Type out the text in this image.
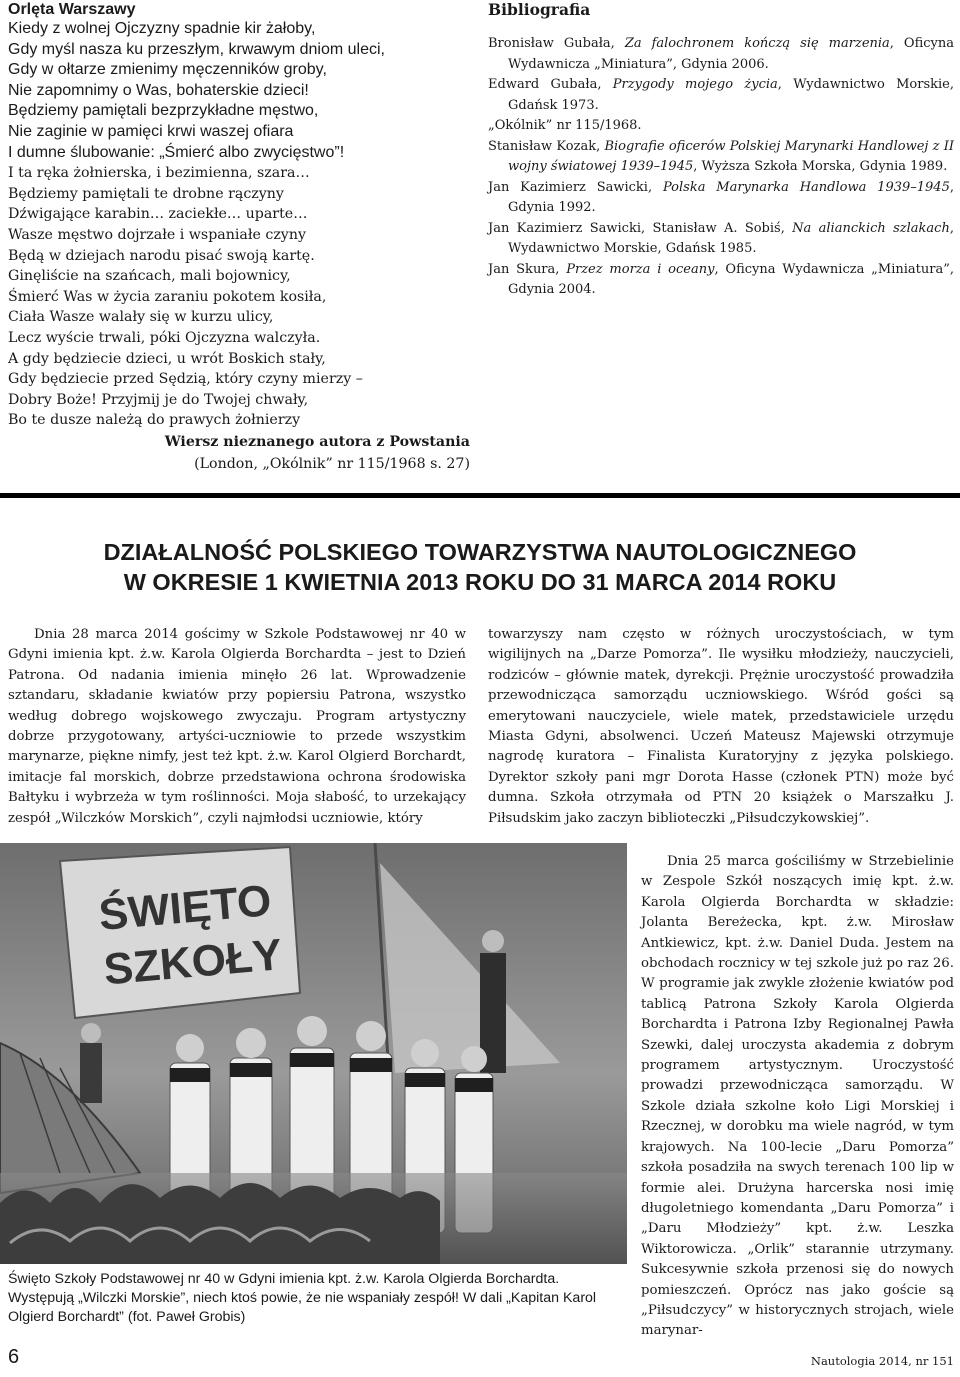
Orlęta Warszawy
Kiedy z wolnej Ojczyzny spadnie kir żałoby,
Gdy myśl nasza ku przeszłym, krwawym dniom uleci,
Gdy w ołtarze zmienimy męczenników groby,
Nie zapomnimy o Was, bohaterskie dzieci!
Będziemy pamiętali bezprzykładne męstwo,
Nie zaginie w pamięci krwi waszej ofiara
I dumne ślubowanie: „Śmierć albo zwycięstwo”!
I ta ręka żołnierska, i bezimienna, szara…
Będziemy pamiętali te drobne rączyny
Dźwigające karabin… zaciekłe… uparte…
Wasze męstwo dojrzałe i wspaniałe czyny
Będą w dziejach narodu pisać swoją kartę.
Ginęliście na szańcach, mali bojownicy,
Śmierć Was w życia zaraniu pokotem kosiła,
Ciała Wasze walały się w kurzu ulicy,
Lecz wyście trwali, póki Ojczyzna walczyła.
A gdy będziecie dzieci, u wrót Boskich stały,
Gdy będziecie przed Sędzią, który czyny mierzy –
Dobry Boże! Przyjmij je do Twojej chwały,
Bo te dusze należą do prawych żołnierzy
Wiersz nieznanego autora z Powstania
(London, „Okólnik” nr 115/1968 s. 27)
Bibliografia
Bronisław Gubała, Za falochronem kończą się marzenia, Oficyna Wydawnicza „Miniatura”, Gdynia 2006.
Edward Gubała, Przygody mojego życia, Wydawnictwo Morskie, Gdańsk 1973.
„Okólnik” nr 115/1968.
Stanisław Kozak, Biografie oficerów Polskiej Marynarki Handlowej z II wojny światowej 1939–1945, Wyższa Szkoła Morska, Gdynia 1989.
Jan Kazimierz Sawicki, Polska Marynarka Handlowa 1939–1945, Gdynia 1992.
Jan Kazimierz Sawicki, Stanisław A. Sobiś, Na alianckich szlakach, Wydawnictwo Morskie, Gdańsk 1985.
Jan Skura, Przez morza i oceany, Oficyna Wydawnicza „Miniatura”, Gdynia 2004.
DZIAŁALNOŚĆ POLSKIEGO TOWARZYSTWA NAUTOLOGICZNEGO
W OKRESIE 1 KWIETNIA 2013 ROKU DO 31 MARCA 2014 ROKU
Dnia 28 marca 2014 gościmy w Szkole Podstawowej nr 40 w Gdyni imienia kpt. ż.w. Karola Olgierda Borchardta – jest to Dzień Patrona. Od nadania imienia minęło 26 lat. Wprowadzenie sztandaru, składanie kwiatów przy popiersiu Patrona, wszystko według dobrego wojskowego zwyczaju. Program artystyczny dobrze przygotowany, artyści-uczniowie to przede wszystkim marynarze, piękne nimfy, jest też kpt. ż.w. Karol Olgierd Borchardt, imitacje fal morskich, dobrze przedstawiona ochrona środowiska Bałtyku i wybrzeża w tym roślinności. Moja słabość, to urzekający zespół „Wilczków Morskich”, czyli najmłodsi uczniowie, który
towarzyszy nam często w różnych uroczystościach, w tym wigilijnych na „Darze Pomorza”. Ile wysiłku młodzieży, nauczycieli, rodziców – głównie matek, dyrekcji. Prężnie uroczystość prowadziła przewodnicząca samorządu uczniowskiego. Wśród gości są emerytowani nauczyciele, wiele matek, przedstawiciele urzędu Miasta Gdyni, absolwenci. Uczeń Mateusz Majewski otrzymuje nagrodę kuratora – Finalista Kuratoryjny z języka polskiego. Dyrektor szkoły pani mgr Dorota Hasse (członek PTN) może być dumna. Szkoła otrzymała od PTN 20 książek o Marszałku J. Piłsudskim jako zaczyn biblioteczki „Piłsudczykowskiej”.
ŚWIĘTO
SZKOŁY
Święto Szkoły Podstawowej nr 40 w Gdyni imienia kpt. ż.w. Karola Olgierda Borchardta. Występują „Wilczki Morskie”, niech ktoś powie, że nie wspaniały zespół! W dali „Kapitan Karol Olgierd Borchardt” (fot. Paweł Grobis)
Dnia 25 marca gościliśmy w Strzebielinie w Zespole Szkół noszących imię kpt. ż.w. Karola Olgierda Borchardta w składzie: Jolanta Bereżecka, kpt. ż.w. Mirosław Antkiewicz, kpt. ż.w. Daniel Duda. Jestem na obchodach rocznicy w tej szkole już po raz 26. W programie jak zwykle złożenie kwiatów pod tablicą Patrona Szkoły Karola Olgierda Borchardta i Patrona Izby Regionalnej Pawła Szewki, dalej uroczysta akademia z dobrym programem artystycznym. Uroczystość prowadzi przewodnicząca samorządu. W Szkole działa szkolne koło Ligi Morskiej i Rzecznej, w dorobku ma wiele nagród, w tym krajowych. Na 100-lecie „Daru Pomorza” szkoła posadziła na swych terenach 100 lip w formie alei. Drużyna harcerska nosi imię długoletniego komendanta „Daru Pomorza” i „Daru Młodzieży” kpt. ż.w. Leszka Wiktorowicza. „Orlik” starannie utrzymany. Sukcesywnie szkoła przenosi się do nowych pomieszczeń. Oprócz nas jako goście są „Piłsudczycy” w historycznych strojach, wiele marynar-
6	Nautologia 2014, nr 151
